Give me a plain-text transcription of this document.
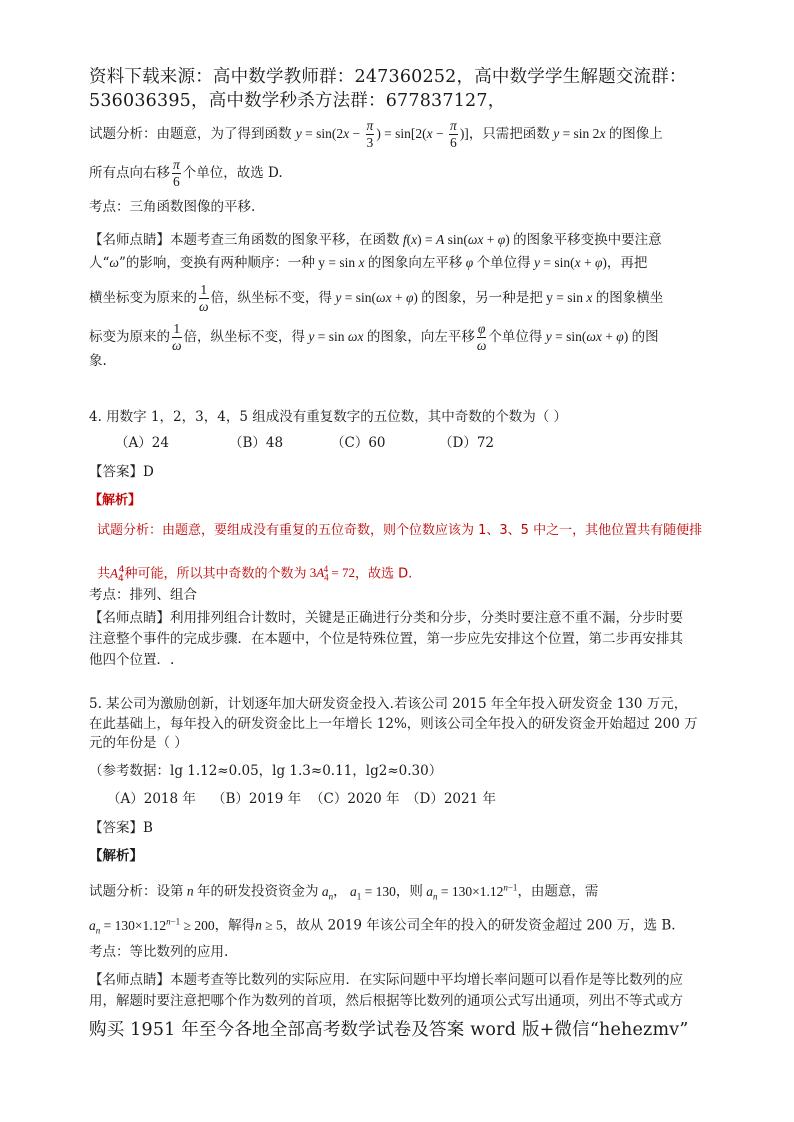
资料下载来源：高中数学教师群：247360252，高中数学学生解题交流群：
536036395，高中数学秒杀方法群：677837127，
试题分析：由题意，为了得到函数 $y = \sin(2x - \frac{\pi}{3}$ ) = $\sin[2(x - \frac{\pi}{6}$ )]，只需把函数 y = sin 2x 的图像上
所有点向右移 $\frac{\pi}{6}$ 个单位，故选 D.
考点：三角函数图像的平移.
【名师点睛】本题考查三角函数的图象平移，在函数 f(x) = A sin(ωx + φ) 的图象平移变换中要注意
人“ω”的影响，变换有两种顺序：一种 y = sin x 的图象向左平移 φ 个单位得 y = sin(x + φ)，再把
横坐标变为原来的 $\frac{1}{\omega}$ 倍，纵坐标不变，得 y = sin(ωx + φ) 的图象，另一种是把 y = sin x 的图象横坐
标变为原来的 $\frac{1}{\omega}$ 倍，纵坐标不变，得 y = sin ωx 的图象，向左平移 $\frac{\varphi}{\omega}$ 个单位得 y = sin(ωx + φ) 的图
象.
4. 用数字 1，2，3，4，5 组成没有重复数字的五位数，其中奇数的个数为（ ）
（A）24	（B）48	（C）60	（D）72
【答案】D
【解析】
试题分析：由题意，要组成没有重复的五位奇数，则个位数应该为 1、3、5 中之一，其他位置共有随便排
共$A_4^4$种可能，所以其中奇数的个数为 $3A_4^4 = 72$，故选 D.
考点：排列、组合
【名师点睛】利用排列组合计数时，关键是正确进行分类和分步，分类时要注意不重不漏，分步时要
注意整个事件的完成步骤．在本题中，个位是特殊位置，第一步应先安排这个位置，第二步再安排其
他四个位置．.
5. 某公司为激励创新，计划逐年加大研发资金投入.若该公司 2015 年全年投入研发资金 130 万元，
在此基础上，每年投入的研发资金比上一年增长 12%，则该公司全年投入的研发资金开始超过 200 万
元的年份是（ ）
（参考数据：lg 1.12≈0.05，lg 1.3≈0.11，lg2≈0.30）
（A）2018 年 （B）2019 年 （C）2020 年 （D）2021 年
【答案】B
【解析】
试题分析：设第 n 年的研发投资资金为 $a_n$， $a_1 = 130$，则 $a_n = 130\times 1.12^{n-1}$，由题意，需
$a_n = 130\times 1.12^{n-1} \ge 200$，解得n ≥ 5，故从 2019 年该公司全年的投入的研发资金超过 200 万，选 B.
考点：等比数列的应用.
【名师点睛】本题考查等比数列的实际应用．在实际问题中平均增长率问题可以看作是等比数列的应
用，解题时要注意把哪个作为数列的首项，然后根据等比数列的通项公式写出通项，列出不等式或方
购买 1951 年至今各地全部高考数学试卷及答案 word 版+微信“hehezmv”
